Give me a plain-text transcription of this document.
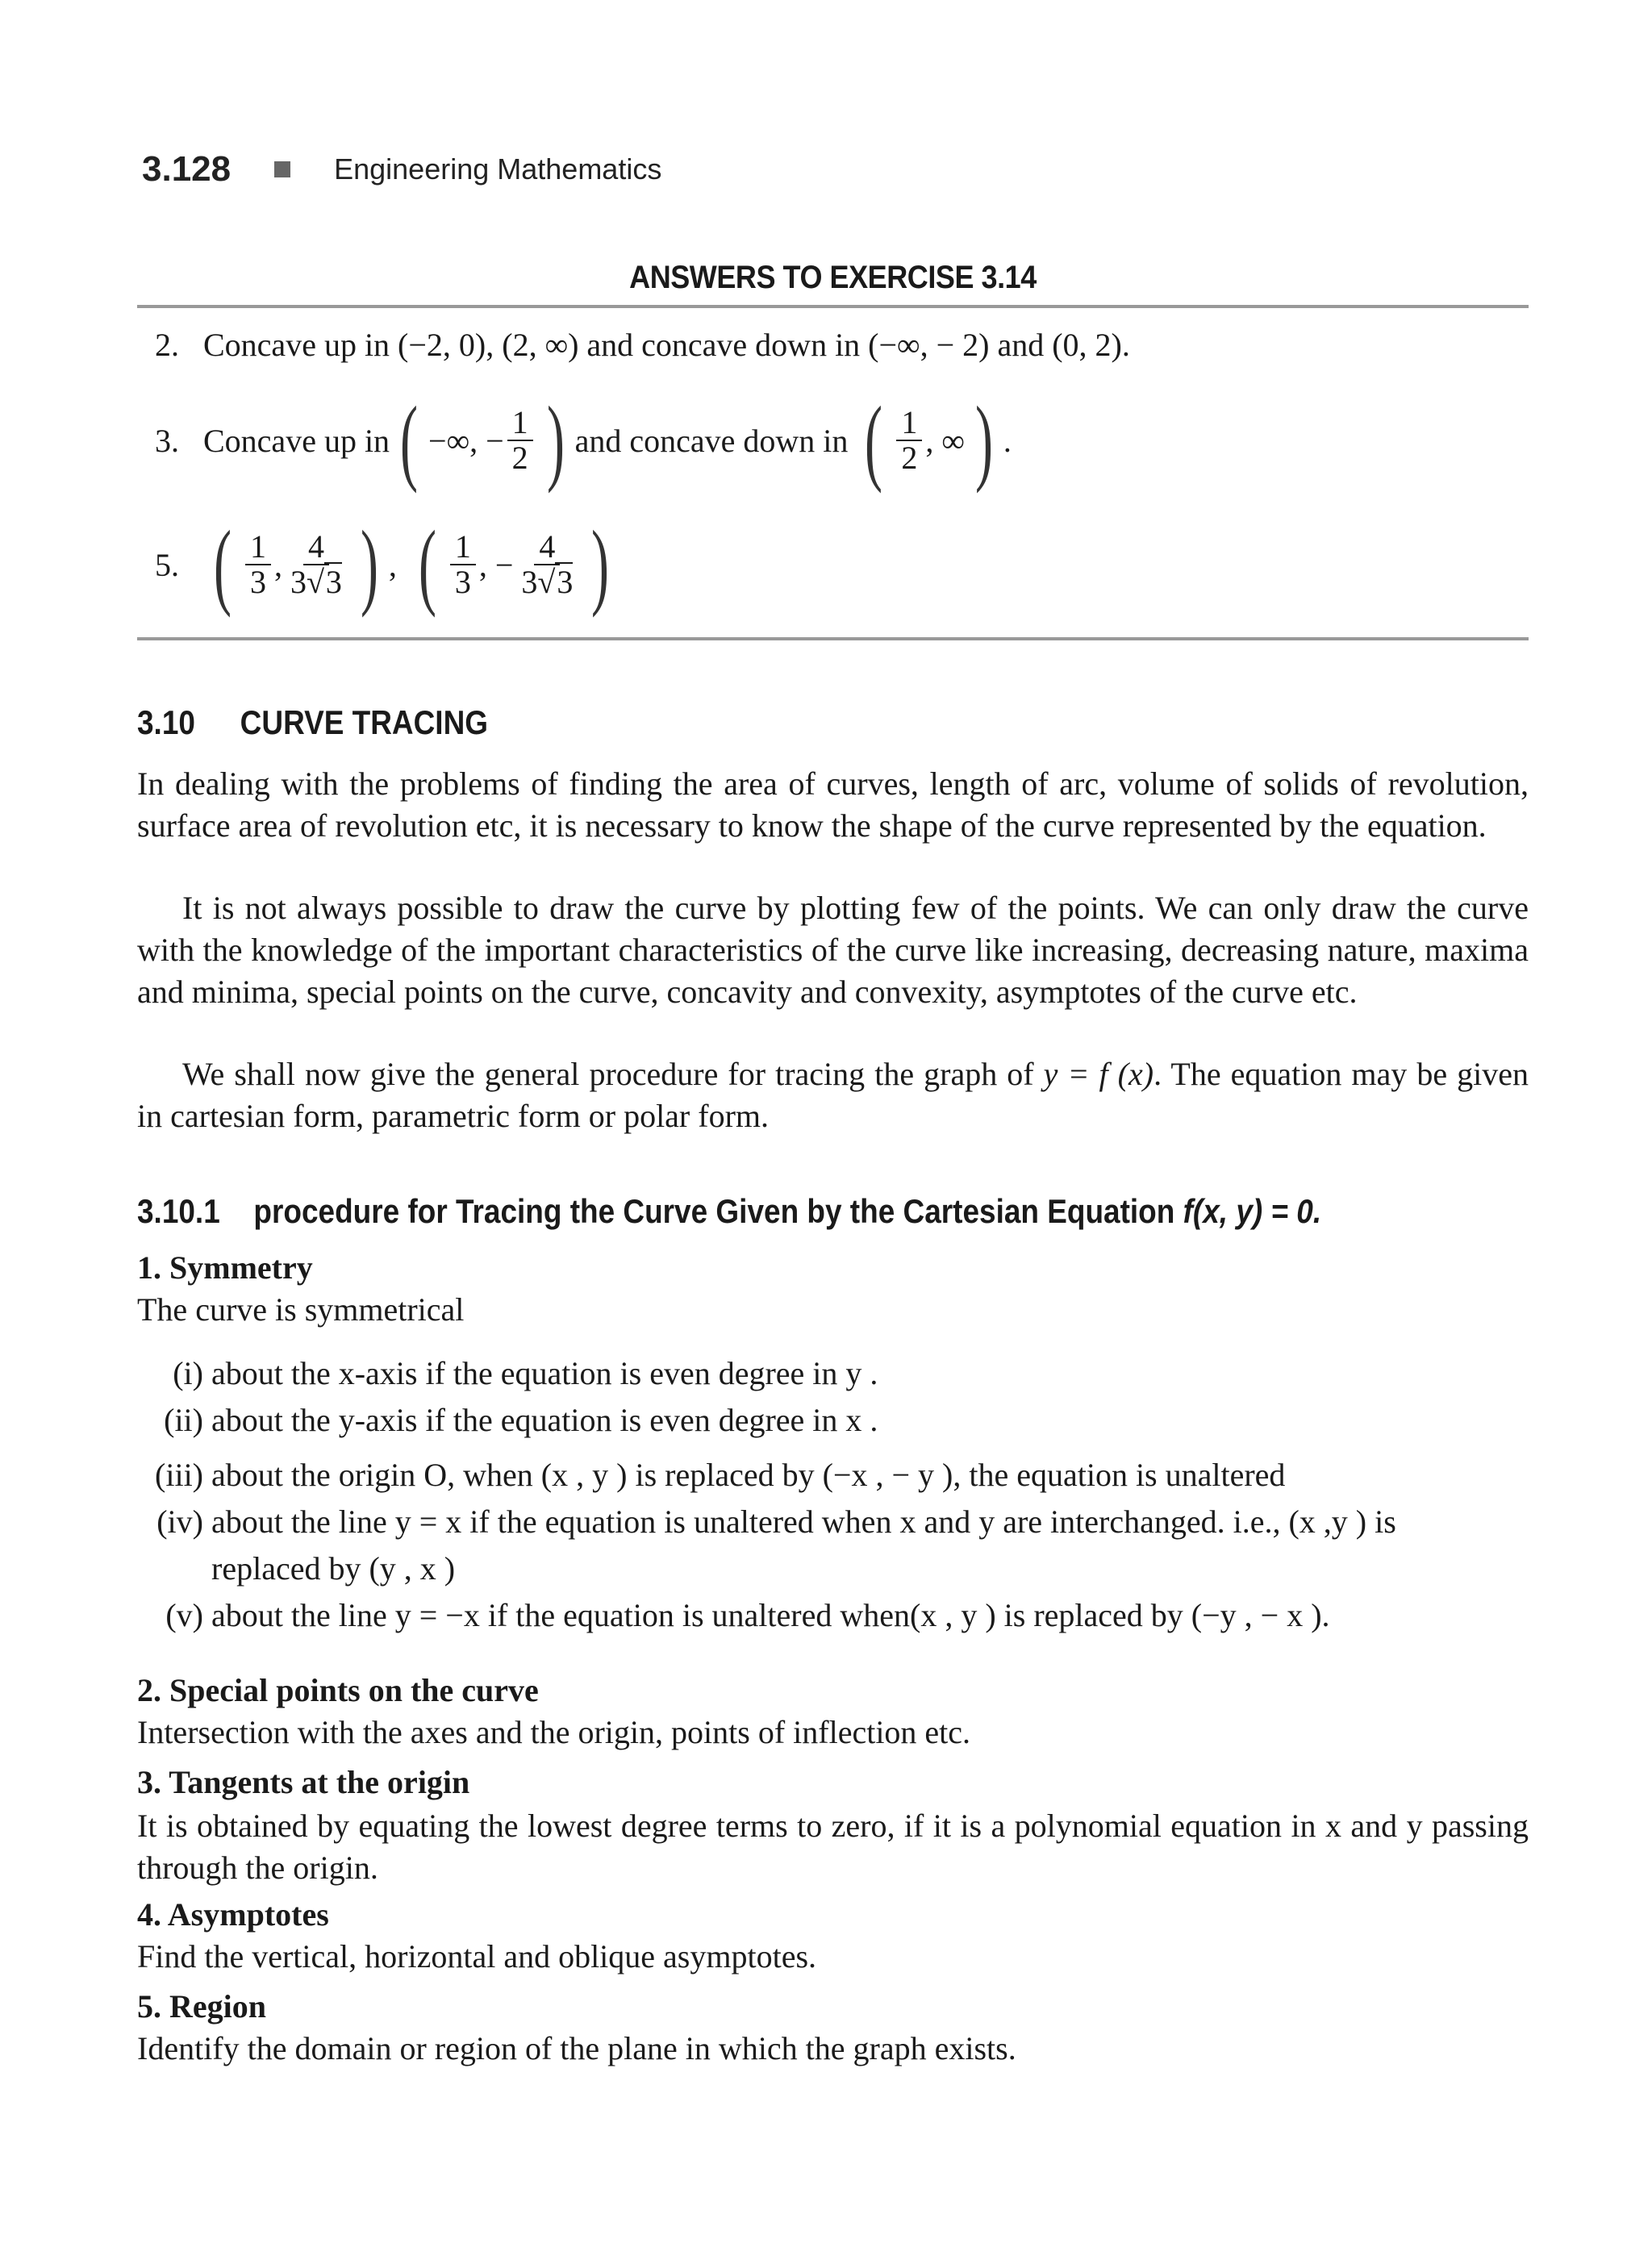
3.128	Engineering Mathematics
ANSWERS TO EXERCISE 3.14
2. Concave up in (−2, 0), (2, ∞) and concave down in (−∞, − 2) and (0, 2).
3. Concave up in ( −∞, − $\frac{1}{2}$ ) and concave down in ( $\frac{1}{2}$ , ∞ ) .
5. ( $\frac{1}{3}$ , $\frac{4}{3√3}$ ) , ( $\frac{1}{3}$ , − $\frac{4}{3√3}$ )
3.10 CURVE TRACING
In dealing with the problems of finding the area of curves, length of arc, volume of solids of revolution, surface area of revolution etc, it is necessary to know the shape of the curve represented by the equation.
It is not always possible to draw the curve by plotting few of the points. We can only draw the curve with the knowledge of the important characteristics of the curve like increasing, decreasing nature, maxima and minima, special points on the curve, concavity and convexity, asymptotes of the curve etc.
We shall now give the general procedure for tracing the graph of y = f (x). The equation may be given in cartesian form, parametric form or polar form.
3.10.1 procedure for Tracing the Curve Given by the Cartesian Equation f(x, y) = 0.
1. Symmetry
The curve is symmetrical
(i) about the x-axis if the equation is even degree in y .
(ii) about the y-axis if the equation is even degree in x .
(iii) about the origin O, when (x , y ) is replaced by (−x , − y ), the equation is unaltered
(iv) about the line y = x if the equation is unaltered when x and y are interchanged. i.e., (x ,y ) is
replaced by (y , x )
(v) about the line y = −x if the equation is unaltered when(x , y ) is replaced by (−y , − x ).
2. Special points on the curve
Intersection with the axes and the origin, points of inflection etc.
3. Tangents at the origin
It is obtained by equating the lowest degree terms to zero, if it is a polynomial equation in x and y passing through the origin.
4. Asymptotes
Find the vertical, horizontal and oblique asymptotes.
5. Region
Identify the domain or region of the plane in which the graph exists.
